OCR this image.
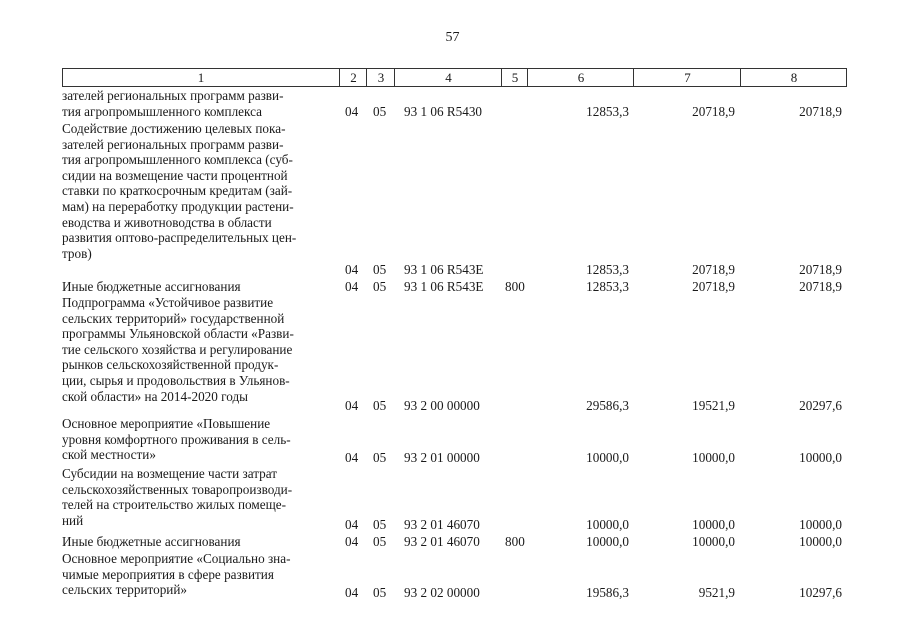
57
1	2	3	4	5	6	7	8
зателей региональных программ разви-
тия агропромышленного комплекса	04 05 93 1 06 R5430	12853,3	20718,9	20718,9
Содействие достижению целевых пока-
зателей региональных программ разви-
тия агропромышленного комплекса (суб-
сидии на возмещение части процентной
ставки по краткосрочным кредитам (зай-
мам) на переработку продукции растени-
еводства и животноводства в области
развития оптово-распределительных цен-
тров)
04 05 93 1 06 R543E	12853,3	20718,9	20718,9
Иные бюджетные ассигнования	04 05 93 1 06 R543E 800	12853,3	20718,9	20718,9
Подпрограмма «Устойчивое развитие
сельских территорий» государственной
программы Ульяновской области «Разви-
тие сельского хозяйства и регулирование
рынков сельскохозяйственной продук-
ции, сырья и продовольствия в Ульянов-
ской области» на 2014-2020 годы
04 05 93 2 00 00000	29586,3	19521,9	20297,6
Основное мероприятие «Повышение
уровня комфортного проживания в сель-
ской местности»	04 05 93 2 01 00000	10000,0	10000,0	10000,0
Субсидии на возмещение части затрат
сельскохозяйственных товаропроизводи-
телей на строительство жилых помеще-
ний	04 05 93 2 01 46070	10000,0	10000,0	10000,0
Иные бюджетные ассигнования	04 05 93 2 01 46070 800	10000,0	10000,0	10000,0
Основное мероприятие «Социально зна-
чимые мероприятия в сфере развития
сельских территорий»	04 05 93 2 02 00000	19586,3	9521,9	10297,6
